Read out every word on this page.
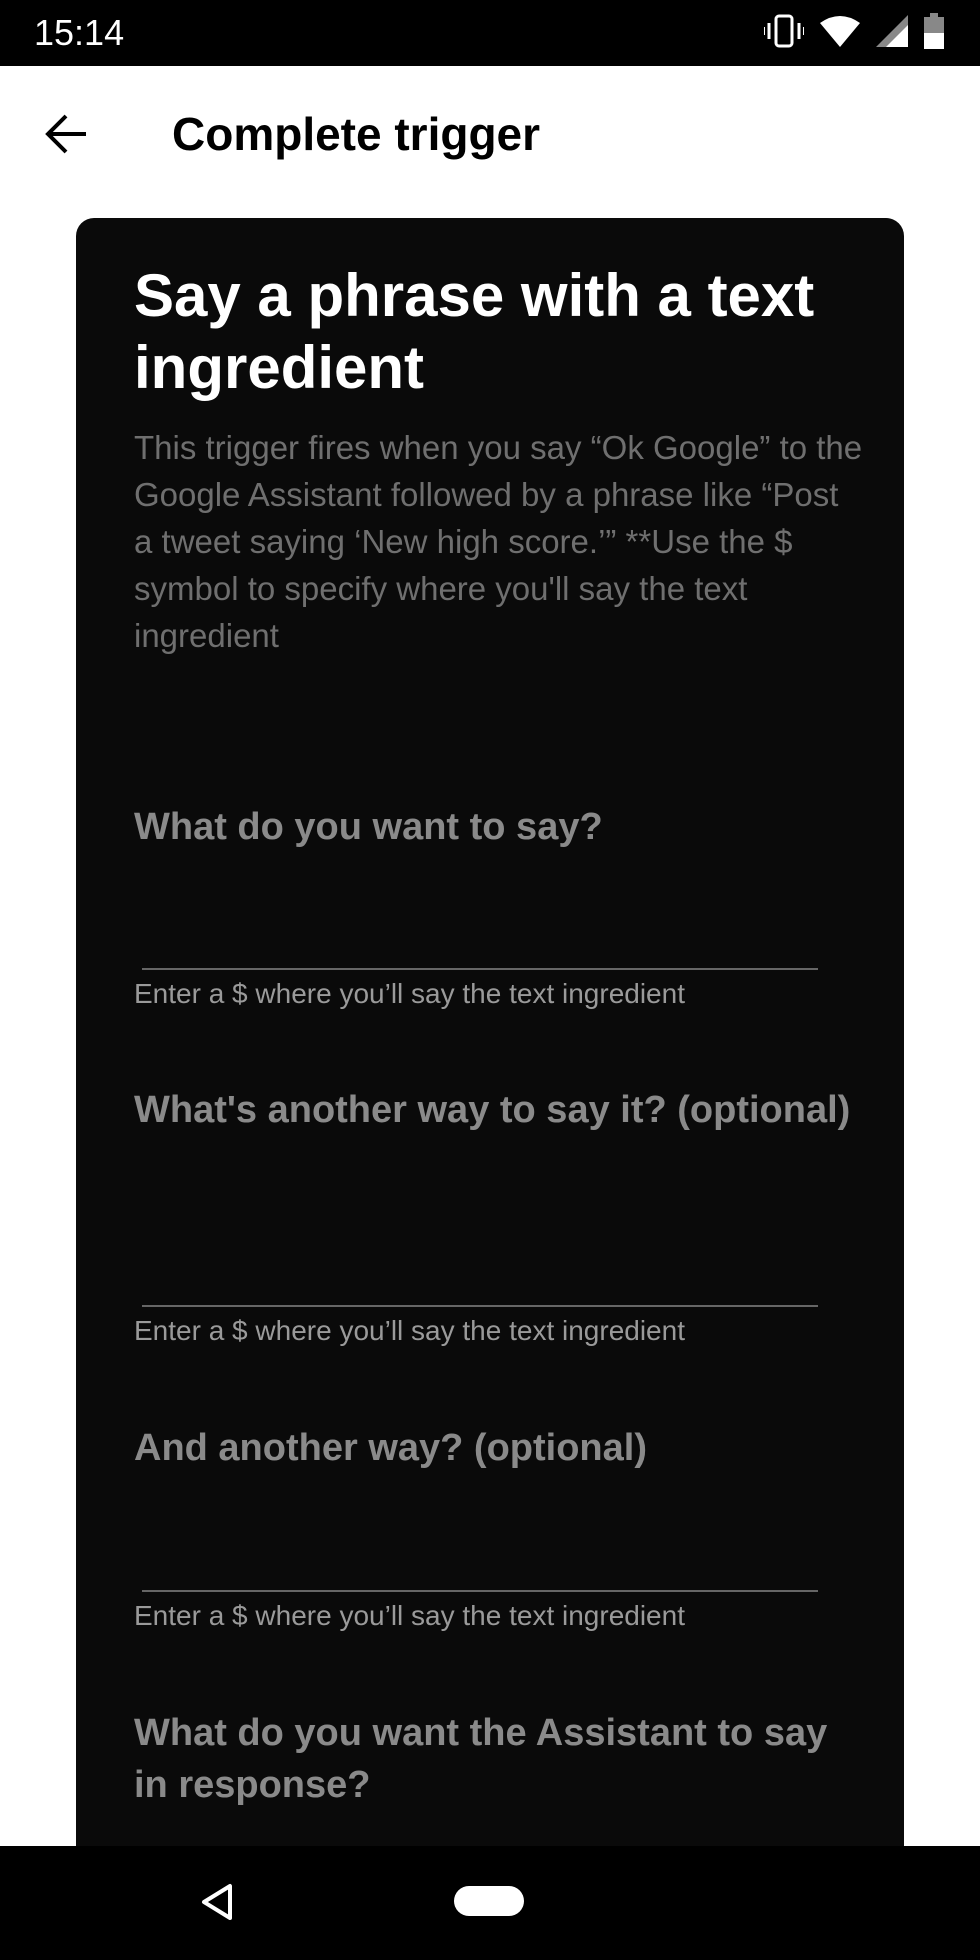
15:14
Complete trigger
Say a phrase with a text ingredient
This trigger fires when you say “Ok Google” to the Google Assistant followed by a phrase like “Post a tweet saying ‘New high score.’” **Use the $ symbol to specify where you'll say the text ingredient
What do you want to say?
Enter a $ where you’ll say the text ingredient
What's another way to say it? (optional)
Enter a $ where you’ll say the text ingredient
And another way? (optional)
Enter a $ where you’ll say the text ingredient
What do you want the Assistant to say in response?
